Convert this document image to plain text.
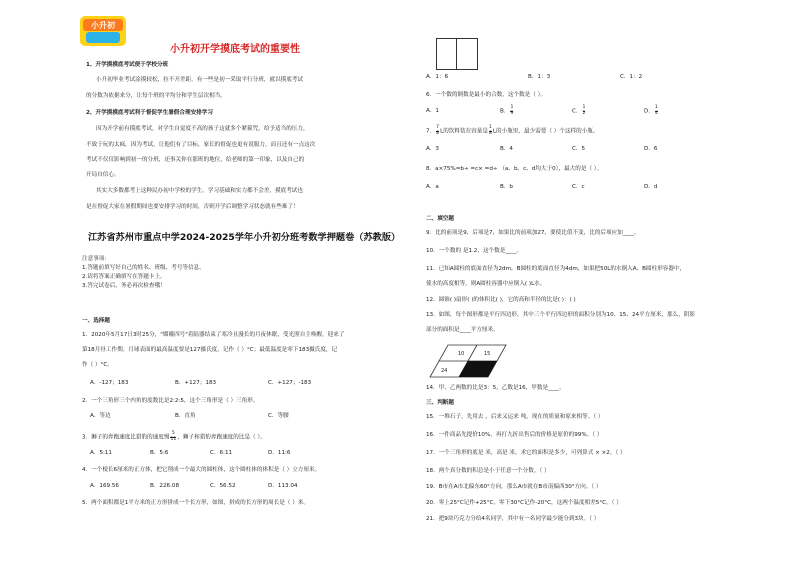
小升初
小升初开学摸底考试的重要性
1、开学摸摸底考试便于学校分班
小升初毕业考试涂摸较松，拉不开差距。有一些是初一采取平行分班，就以摸底考试
的分数为依据来分，让每个班的平均分和学生层次相当。
2、开学摸摸底考试利于督促学生暑假合理安排学习
因为开学前有摸底考试，对学生自觉度不高的孩子这就多个紧箍咒，给予适当的压力，
不致于玩的太疯。因为考试，让他们有了目标，家长的督促也更有说服力。而且还有一点这次
考试不仅仅影响到初一的分班，还事关你在那班的地位，给老师的第一印象，以及自己的
开局自信心。
其实大多数都考上这种民办初中学校的学生，学习基础和实力都不会差，摸底考试也
是在督促大家在暑假期间也要安排学习的时间，否则开学后调整学习状态就有些难了！
江苏省苏州市重点中学2024-2025学年小升初分班考数学押题卷（苏教版）
注意事项：
1.答题前填写好自己的姓名、班级、考号等信息。
2.请将答案正确填写在答题卡上。
3.答完试卷后，务必再次检查哦！
一、选择题
1．2020年5月17日3时25分，"嫦娥四号"着陆器结束了寒冷且漫长的月夜休眠，受光照自主唤醒，迎来了
第18月昼工作期。月球表面的最高温度要是127摄氏度，记作（ ）°C；最低温度是零下183摄氏度，记
作（ ）°C。
A．-127；183	B．+127；183	C．+127；-183
2．一个三角形三个内角的度数比是2:2:5，这个三角形是（ ）三角形。
A．等边	B．直角	C．等腰
3．狮子的奔跑速度比猎豹的速度慢 $\frac{5}{11}$ ，狮子和猎豹奔跑速度的比是（ ）。
A．5:11	B．5:6	C．6:11	D．11:6
4．一个棱长6厘米的正方体，把它削成一个最大的圆柱体，这个圆柱体的体积是（ ）立方厘米。
A．169.56	B．226.08	C．56.52	D．113.04
5．两个面积都是1平方米的正方形拼成一个长方形，如图，拼成的长方形的周长是（ ）米。
A．1：6	B．1：3	C．1：2
6．一个数的倒数是最小的合数，这个数是（ ）。
A．1	B． $\frac{1}{9}$	C． $\frac{1}{2}$	D． $\frac{1}{4}$
7． $\frac{7}{8}$ L的饮料装在容量是 $\frac{1}{8}$ L的小瓶里，最少需要（ ）个这样的小瓶。
A．3	B．4	C．5	D．6
8．a×75%=b÷ =c× =d÷ （a、b、c、d均大于0），最大的是（ ）。
A．a	B．b	C．c	D．d
二、填空题
9．比的前项是9，后项是7，如果比的前项加27，要使比值不变，比的后项应加____。
10．一个数的 是1.2，这个数是____。
11．已知A圆柱的底面直径为2dm，B圆柱的底面直径为4dm，如果把50L的水倒入A、B圆柱形容器中，
使水的高度相等，则A圆柱容器中应倒入( )L水。
12．圆锥( )扇形( )的体积比( )，它的高和半径的比是( )：( )
13．如图，每个图形都是平行四边形，其中三个平行四边形的面积分别为10、15、24平方厘米，那么，阴影
部分的面积是____平方厘米。
10	15
24
14．甲、乙两数的比是3：5，乙数是16，甲数是____。
三、判断题
15．一堆石子，先用去 ，后来又运来 吨，现在的质量和原来相等。（ ）
16．一件商品先提价10%，再打九折出售后的价格是原价的99%。（ ）
17．一个三角形的底是 米，高是 米，求它的面积是多少，可列算式 × ×2。（ ）
18．两个真分数的积总是小于任意一个分数。（ ）
19．B市在A市北偏东60°方向，那么A市就在B市南偏西30°方向。（ ）
20．零上25°C记作+25°C，零下30°C记作-20°C，这两个温度相差5°C。（ ）
21．把9块巧克力分给4名同学，其中有一名同学最少能分到3块。（ ）
